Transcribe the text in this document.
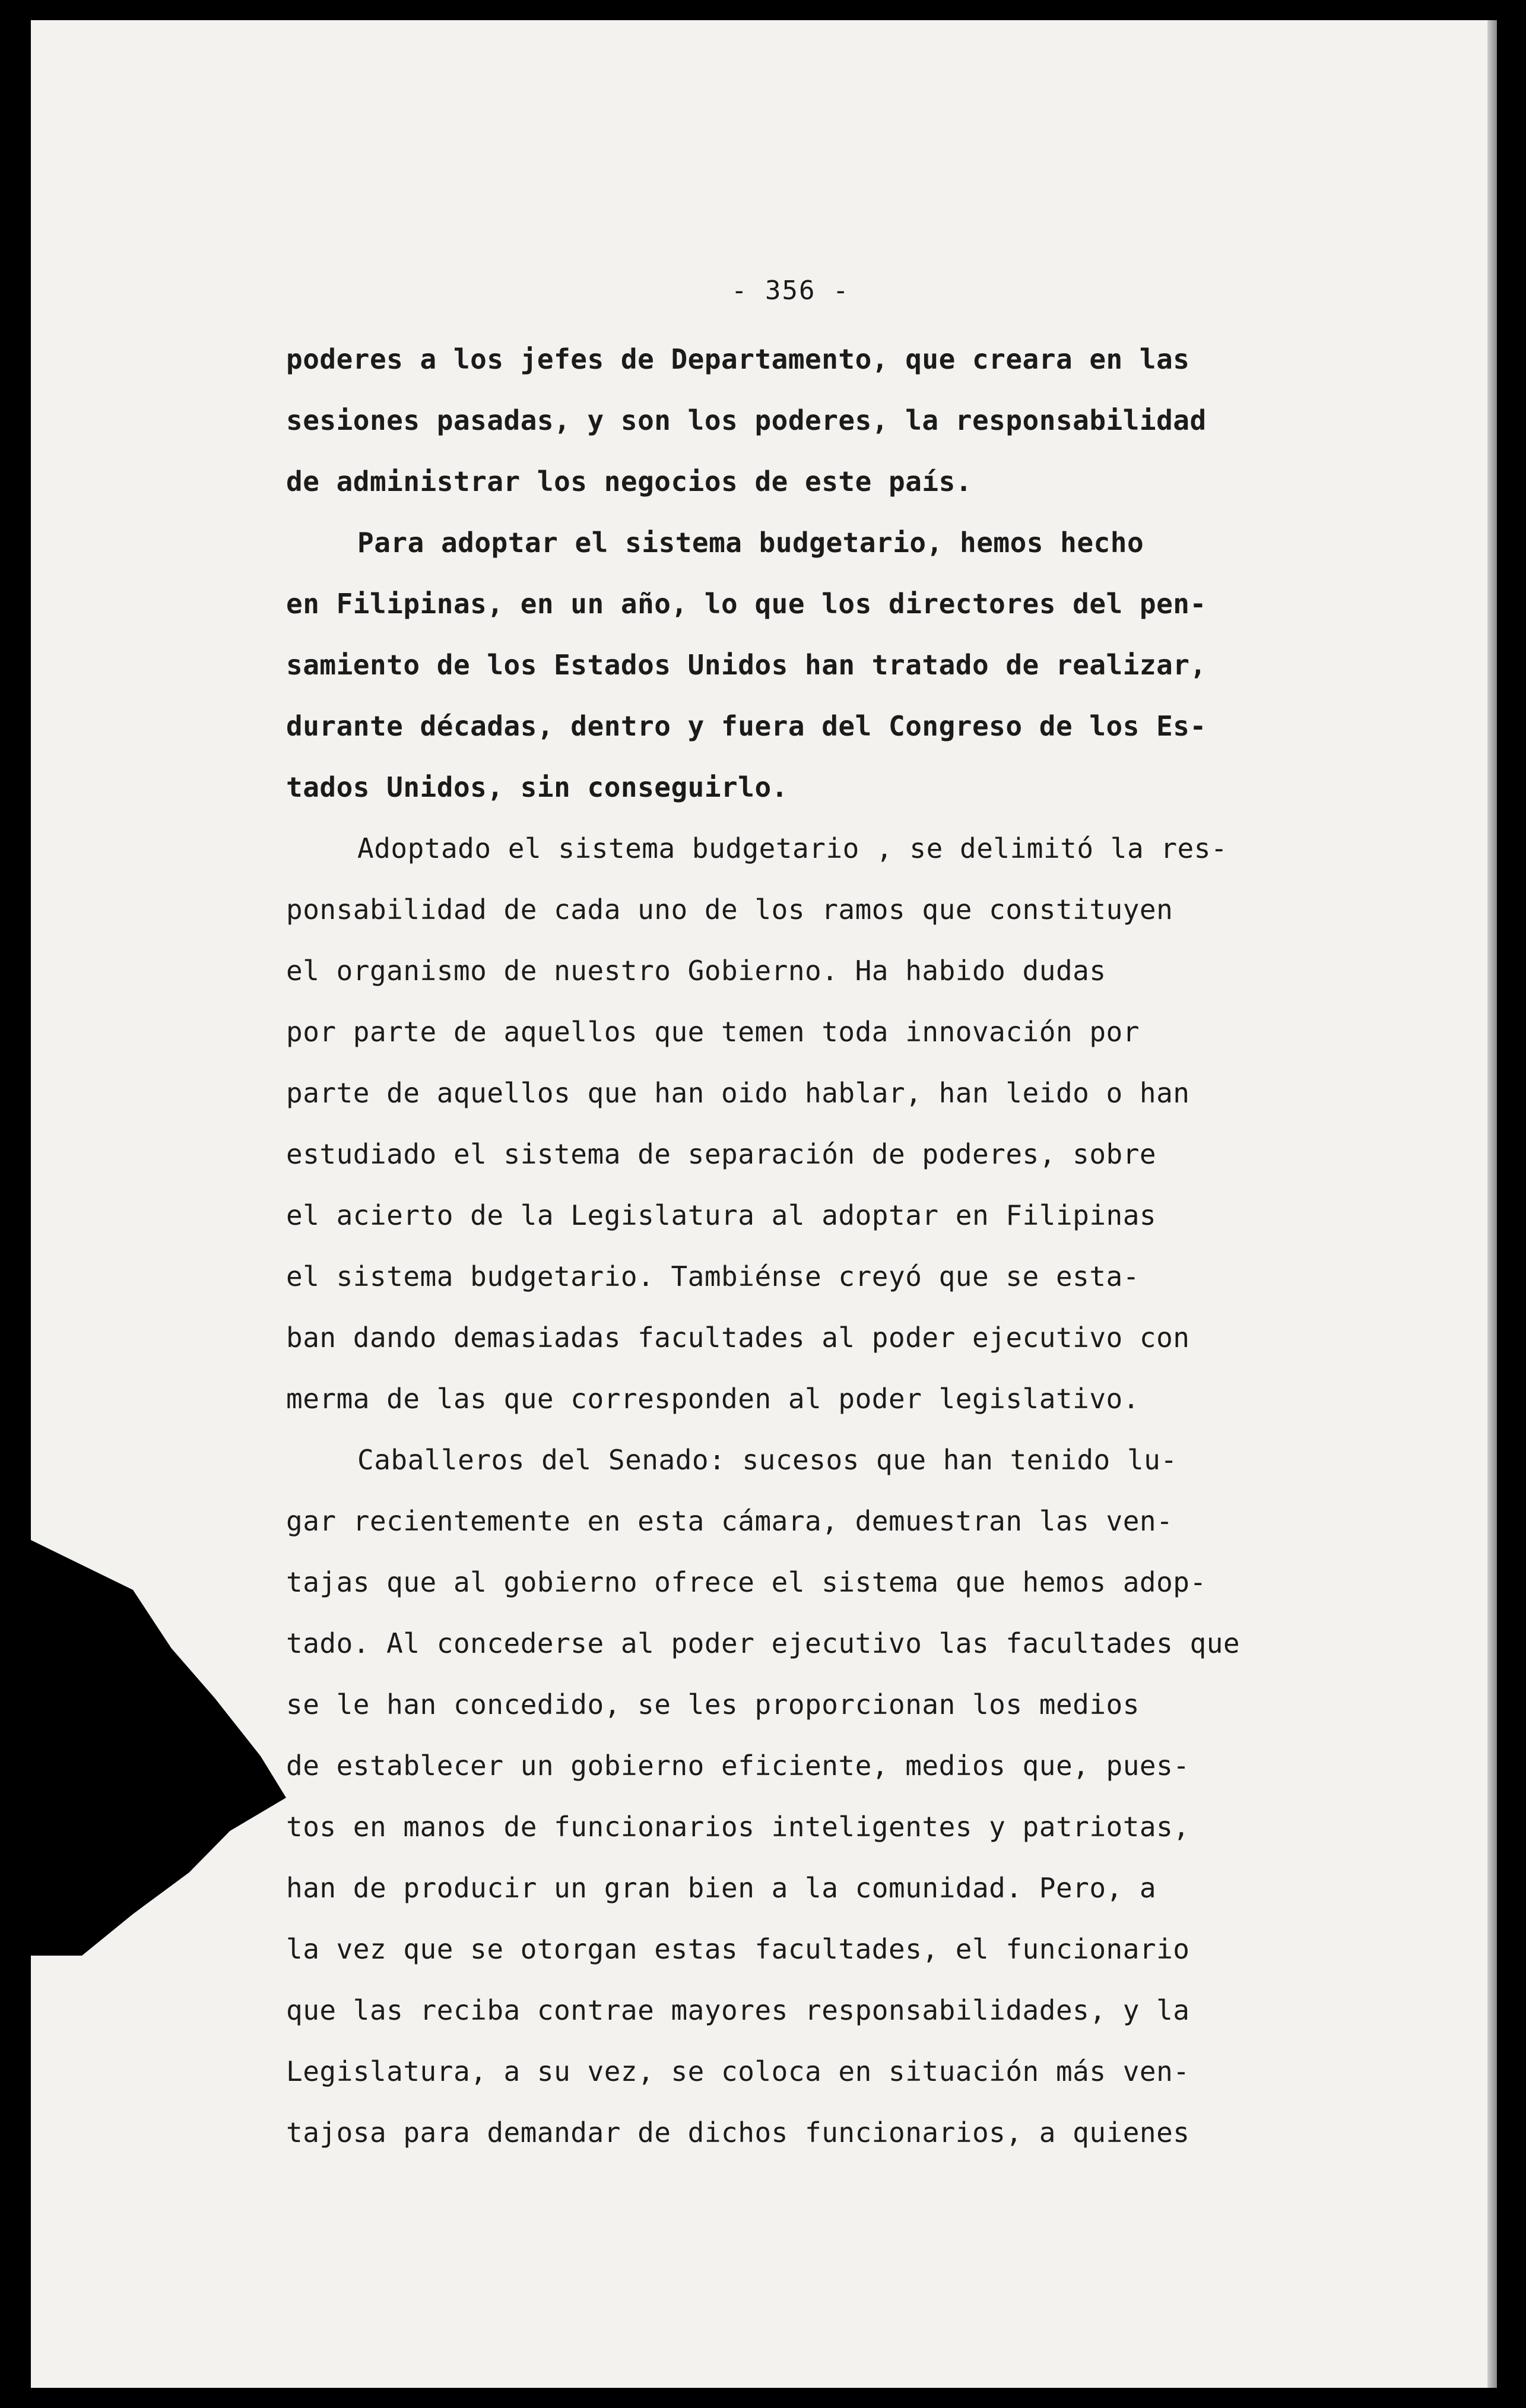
- 356 -
poderes a los jefes de Departamento, que creara en las
sesiones pasadas, y son los poderes, la responsabilidad
de administrar los negocios de este país.
Para adoptar el sistema budgetario, hemos hecho
en Filipinas, en un año, lo que los directores del pen-
samiento de los Estados Unidos han tratado de realizar,
durante décadas, dentro y fuera del Congreso de los Es-
tados Unidos, sin conseguirlo.
Adoptado el sistema budgetario , se delimitó la res-
ponsabilidad de cada uno de los ramos que constituyen
el organismo de nuestro Gobierno. Ha habido dudas
por parte de aquellos que temen toda innovación por
parte de aquellos que han oido hablar, han leido o han
estudiado el sistema de separación de poderes, sobre
el acierto de la Legislatura al adoptar en Filipinas
el sistema budgetario. Tambiénse creyó que se esta-
ban dando demasiadas facultades al poder ejecutivo con
merma de las que corresponden al poder legislativo.
Caballeros del Senado: sucesos que han tenido lu-
gar recientemente en esta cámara, demuestran las ven-
tajas que al gobierno ofrece el sistema que hemos adop-
tado. Al concederse al poder ejecutivo las facultades que
se le han concedido, se les proporcionan los medios
de establecer un gobierno eficiente, medios que, pues-
tos en manos de funcionarios inteligentes y patriotas,
han de producir un gran bien a la comunidad. Pero, a
la vez que se otorgan estas facultades, el funcionario
que las reciba contrae mayores responsabilidades, y la
Legislatura, a su vez, se coloca en situación más ven-
tajosa para demandar de dichos funcionarios, a quienes
